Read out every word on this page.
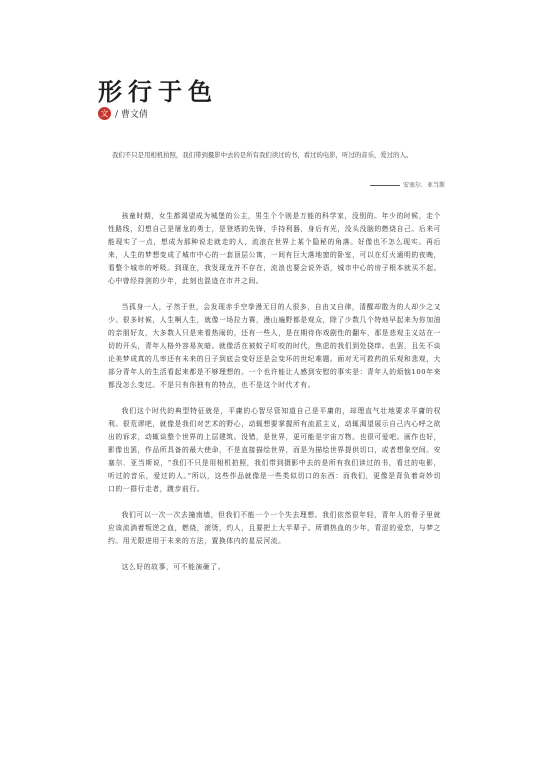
形行于色
文 / 曹文倩

我们不只是用相机拍照，我们带到摄影中去的是所有我们读过的书，看过的电影，听过的音乐，爱过的人。

安塞尔．亚当斯

孩童时期，女生都渴望成为城堡的公主，男生个个则是万能的科学家，没别的。年少的时候，走个性路线，幻想自己是屠龙的勇士，是登塔的先锋，手持利器，身后有光，没头没脑的燃烧自己。后来可能现实了一点，想成为那种说走就走的人，流浪在世界上某个隐秘的角落。好像也不怎么现实。再后来，人生的梦想变成了城市中心的一套顶层公寓，一间有巨大落地窗的卧室，可以在灯火通明的夜晚，看整个城市的呼吸。到现在，我发现龙并不存在，流浪也要会说外语，城市中心的房子根本就买不起。心中曾经持剑的少年，此刻也混迹在市井之间。

当孤身一人，孑然于世，会发现赤手空拳漫无目的人很多，自由又自律，清醒却散为的人却少之又少。很多时候，人生啊人生，就像一场拉力赛，漫山遍野都是观众，除了少数几个特地早起来为你加油的亲朋好友，大多数人只是来看热闹的，还有一些人，是在期待你戏剧性的翻车，那是悲观主义站在一切的开头，青年人格外容易灰暗。就像活在被蚊子叮咬的时代，焦虑的我们到处挠痒。也罢，且先不谈论美梦成真的几率还有未来的日子到底会变好还是会变坏的世纪难题。面对无可救药的乐观和悲观，大部分青年人的生活看起来都是不够理想的。一个也许能让人感到安慰的事实是：青年人的烦恼100年来都没怎么变过。不是只有你独有的特点，也不是这个时代才有。

我们这个时代的典型特征就是，平庸的心智尽管知道自己是平庸的，却理直气壮地要求平庸的权利。很荒谬吧，就像是我们对艺术的野心，动辄想要掌握所有流派主义，动辄渴望展示自己内心呼之欲出的诉求，动辄谈整个世界的上层建筑。没错，是世界，更可能是宇宙万物。也很可爱吧。画作也好，影像也罢，作品所具备的最大使命，不是直接描绘世界，而是为描绘世界提供切口，或者想象空间。安塞尔．亚当斯说，“我们不只是用相机拍照，我们带到摄影中去的是所有我们读过的书，看过的电影，听过的音乐，爱过的人。”所以，这些作品就像是一些类似切口的东西：而我们，更像是背负着奇妙切口的一群行走者，踱步前行。

我们可以一次一次去撞南墙，但我们不能一个一个失去理想。我们依然很年轻，青年人的骨子里就应该流淌着叛逆之血，燃烧，滚烫，灼人，且要把上大半辈子。所谓热血的少年，青涩的爱恋，与梦之约。用无限进用于未来的方法，置换体内的星辰河流。

这么好的故事，可不能演砸了。
